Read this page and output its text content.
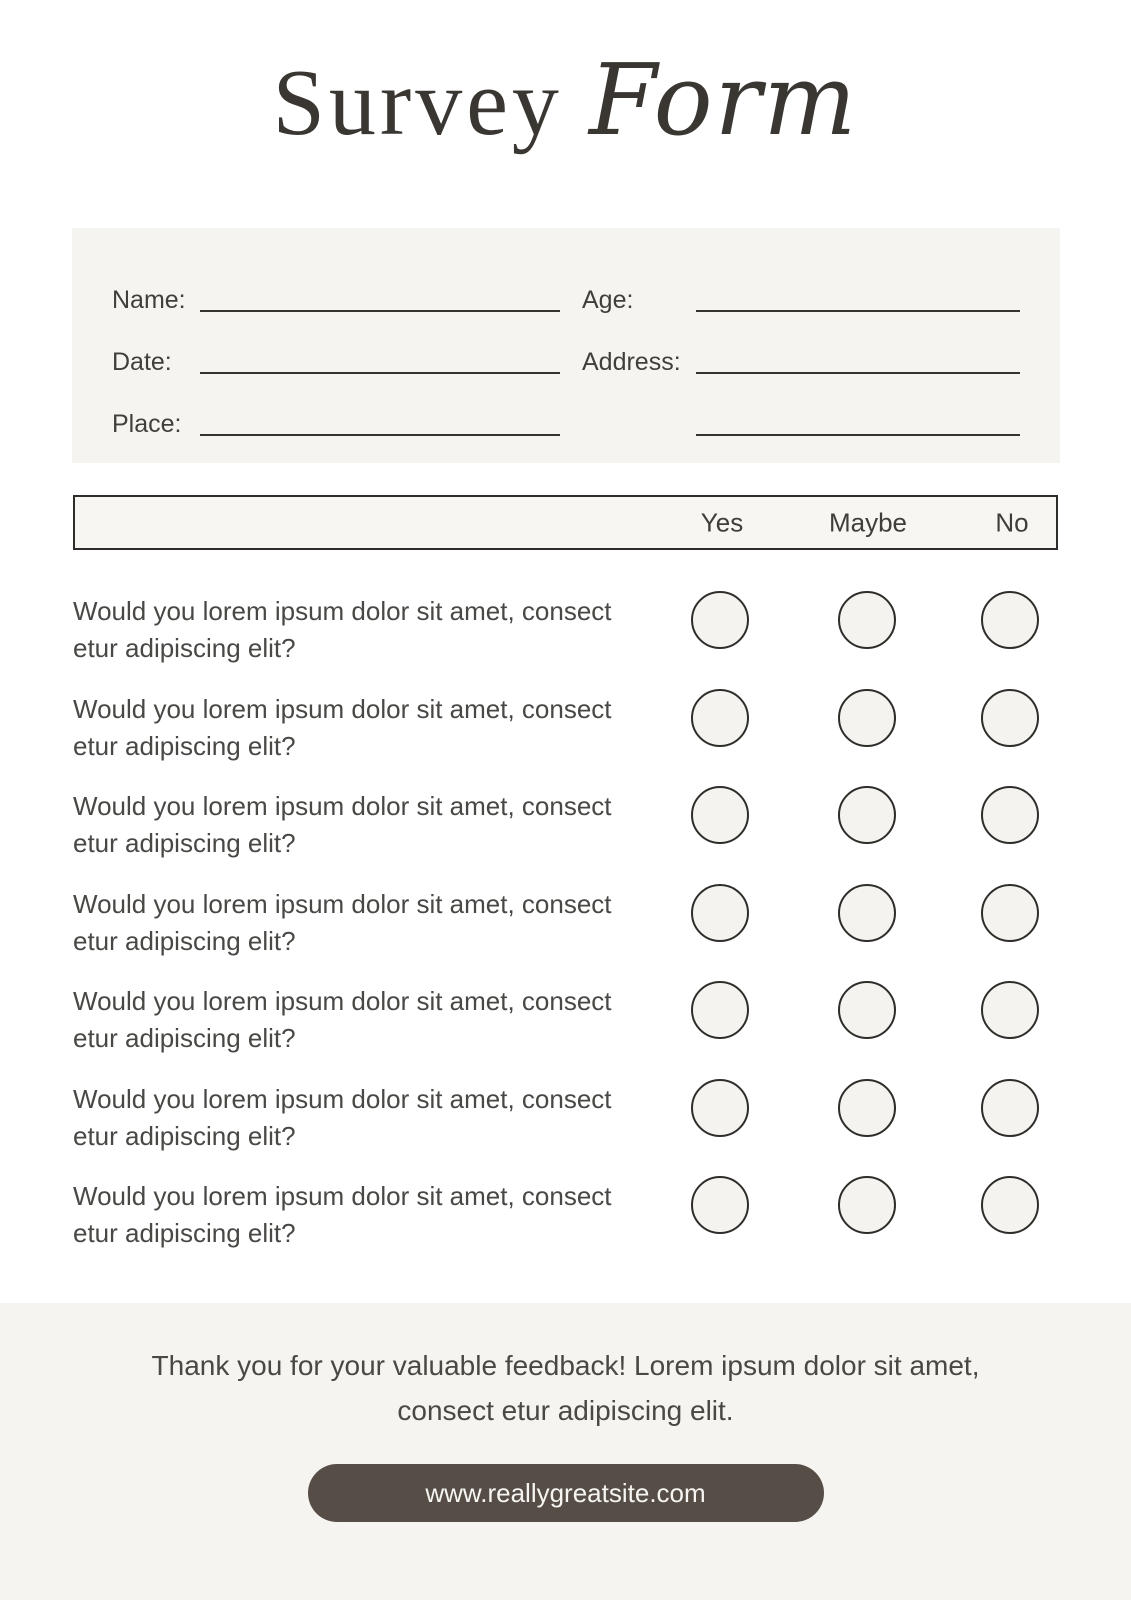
Survey Form
Name:	Age:
Date:	Address:
Place:
Yes	Maybe	No
Would you lorem ipsum dolor sit amet, consect
etur adipiscing elit?
Would you lorem ipsum dolor sit amet, consect
etur adipiscing elit?
Would you lorem ipsum dolor sit amet, consect
etur adipiscing elit?
Would you lorem ipsum dolor sit amet, consect
etur adipiscing elit?
Would you lorem ipsum dolor sit amet, consect
etur adipiscing elit?
Would you lorem ipsum dolor sit amet, consect
etur adipiscing elit?
Would you lorem ipsum dolor sit amet, consect
etur adipiscing elit?

Thank you for your valuable feedback! Lorem ipsum dolor sit amet, consect etur adipiscing elit.

www.reallygreatsite.com
